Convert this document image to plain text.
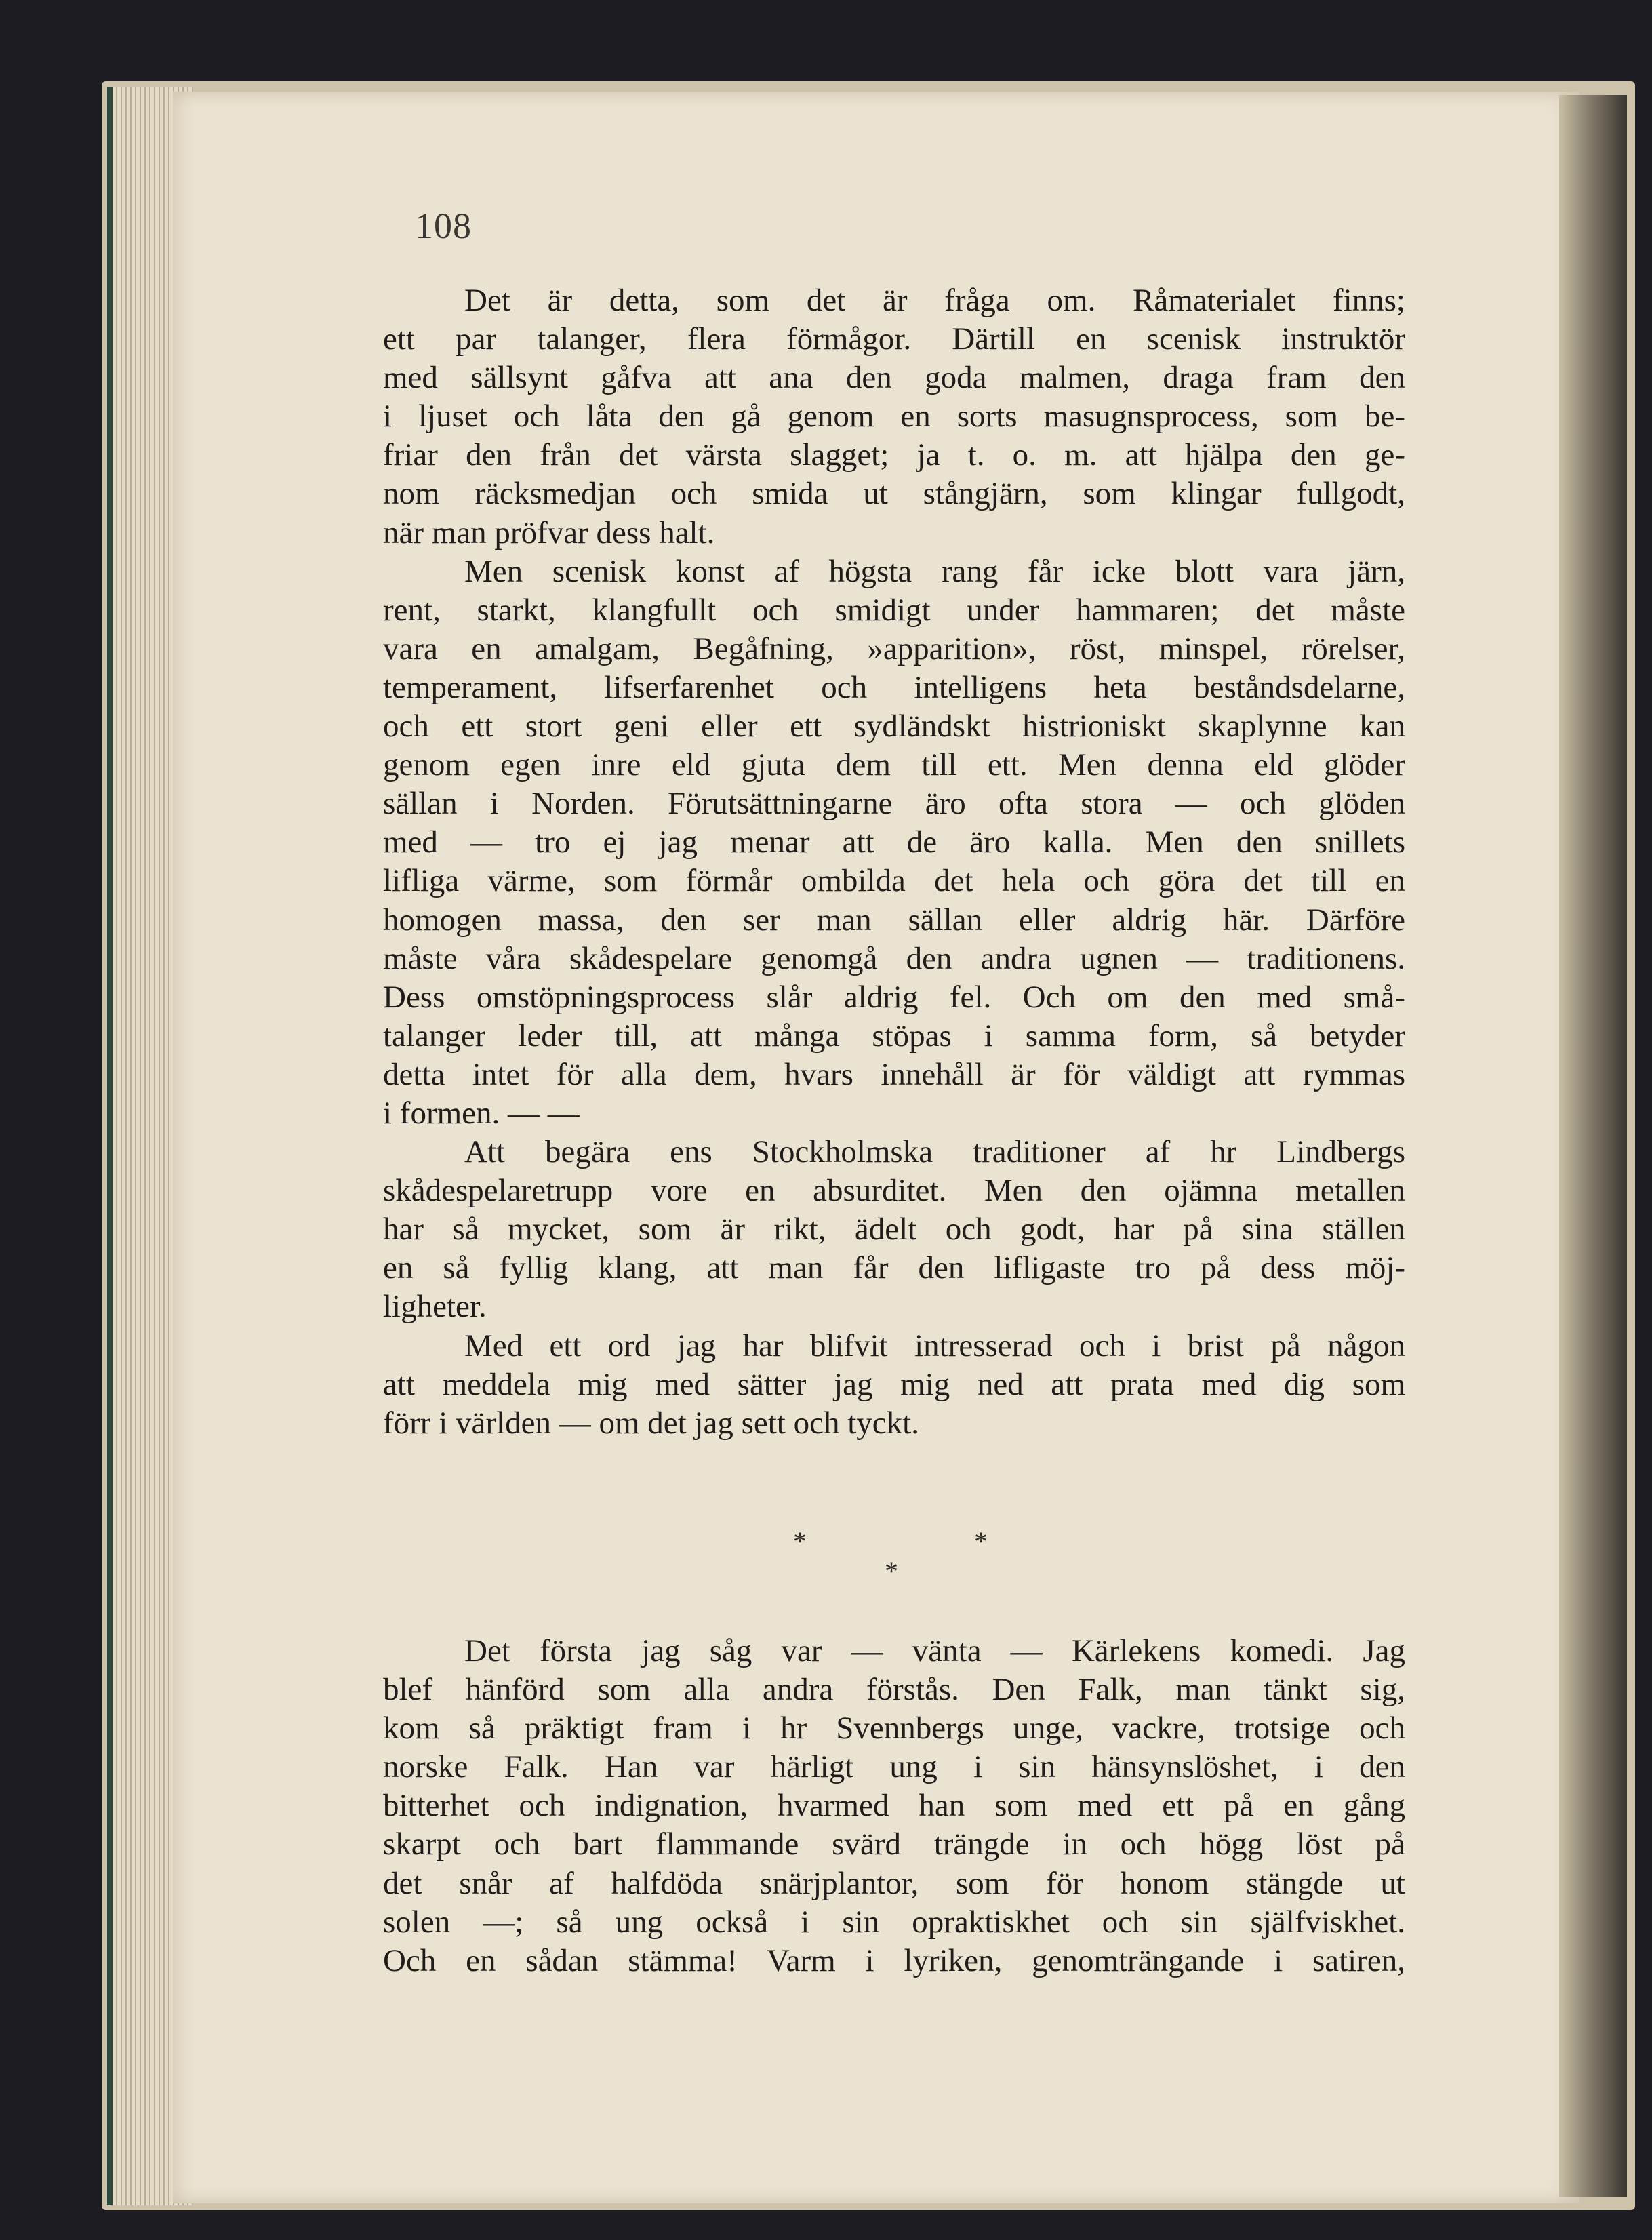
108
Det är detta, som det är fråga om. Råmaterialet finns;
ett par talanger, flera förmågor. Därtill en scenisk instruktör
med sällsynt gåfva att ana den goda malmen, draga fram den
i ljuset och låta den gå genom en sorts masugnsprocess, som be-
friar den från det värsta slagget; ja t. o. m. att hjälpa den ge-
nom räcksmedjan och smida ut stångjärn, som klingar fullgodt,
när man pröfvar dess halt.
Men scenisk konst af högsta rang får icke blott vara järn,
rent, starkt, klangfullt och smidigt under hammaren; det måste
vara en amalgam, Begåfning, »apparition», röst, minspel, rörelser,
temperament, lifserfarenhet och intelligens heta beståndsdelarne,
och ett stort geni eller ett sydländskt histrioniskt skaplynne kan
genom egen inre eld gjuta dem till ett. Men denna eld glöder
sällan i Norden. Förutsättningarne äro ofta stora — och glöden
med — tro ej jag menar att de äro kalla. Men den snillets
lifliga värme, som förmår ombilda det hela och göra det till en
homogen massa, den ser man sällan eller aldrig här. Därföre
måste våra skådespelare genomgå den andra ugnen — traditionens.
Dess omstöpningsprocess slår aldrig fel. Och om den med små-
talanger leder till, att många stöpas i samma form, så betyder
detta intet för alla dem, hvars innehåll är för väldigt att rymmas
i formen. — —
Att begära ens Stockholmska traditioner af hr Lindbergs
skådespelaretrupp vore en absurditet. Men den ojämna metallen
har så mycket, som är rikt, ädelt och godt, har på sina ställen
en så fyllig klang, att man får den lifligaste tro på dess möj-
ligheter.
Med ett ord jag har blifvit intresserad och i brist på någon
att meddela mig med sätter jag mig ned att prata med dig som
förr i världen — om det jag sett och tyckt.
*
*
*
Det första jag såg var — vänta — Kärlekens komedi. Jag
blef hänförd som alla andra förstås. Den Falk, man tänkt sig,
kom så präktigt fram i hr Svennbergs unge, vackre, trotsige och
norske Falk. Han var härligt ung i sin hänsynslöshet, i den
bitterhet och indignation, hvarmed han som med ett på en gång
skarpt och bart flammande svärd trängde in och högg löst på
det snår af halfdöda snärjplantor, som för honom stängde ut
solen —; så ung också i sin opraktiskhet och sin själfviskhet.
Och en sådan stämma! Varm i lyriken, genomträngande i satiren,
